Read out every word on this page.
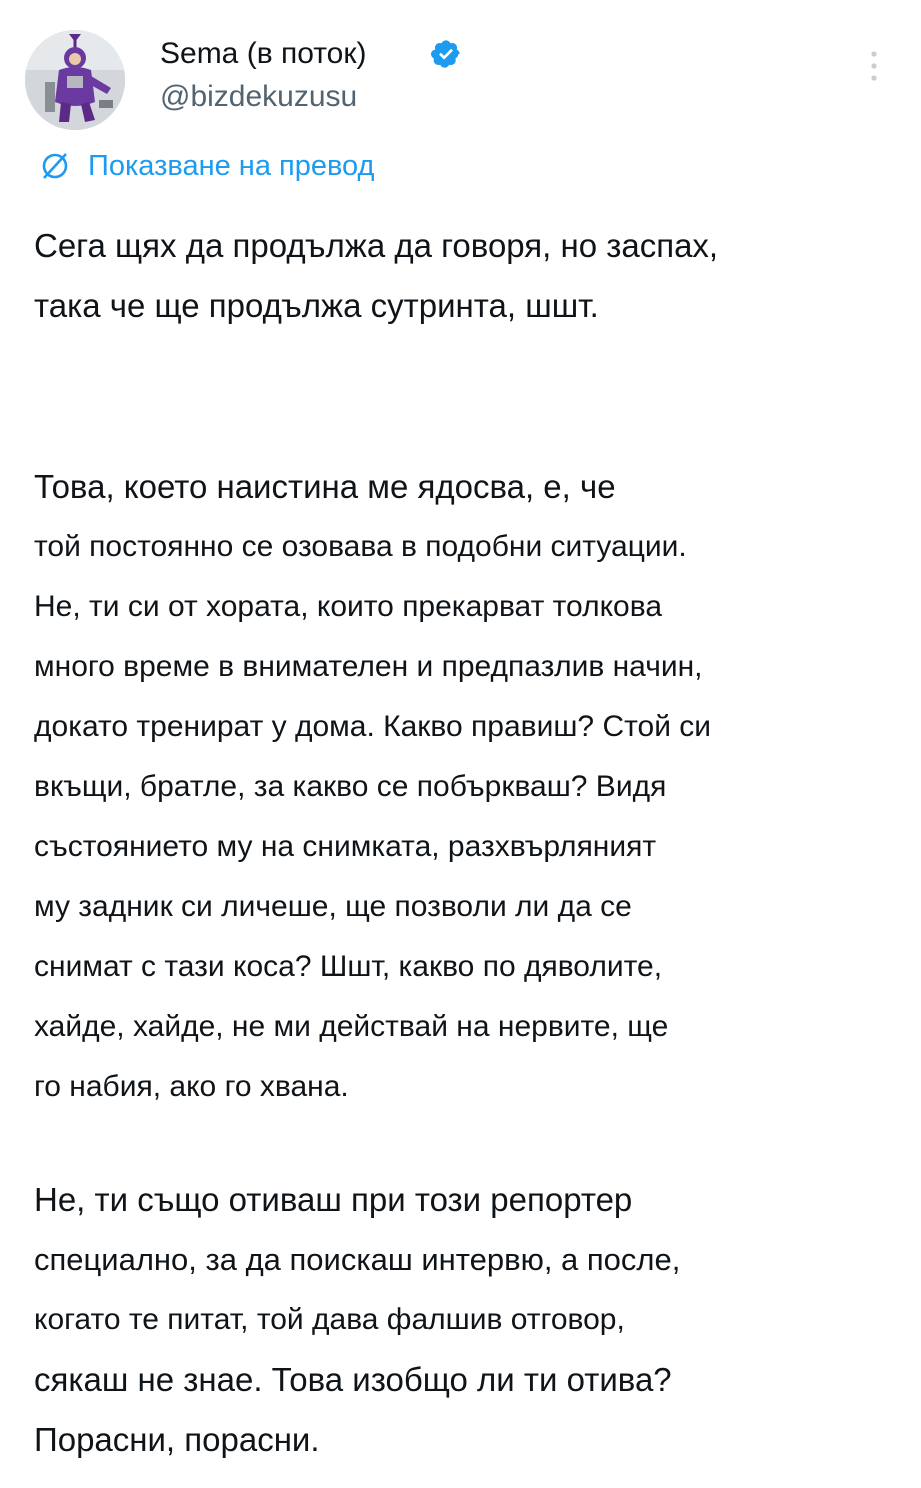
Sema (в поток)
@bizdekuzusu
Показване на превод
Сега щях да продължа да говоря, но заспах,
така че ще продължа сутринта, шшт.
Това, което наистина ме ядосва, е, че
той постоянно се озовава в подобни ситуации.
Не, ти си от хората, които прекарват толкова
много време в внимателен и предпазлив начин,
докато тренират у дома. Какво правиш? Стой си
вкъщи, братле, за какво се побъркваш? Видя
състоянието му на снимката, разхвърляният
му задник си личеше, ще позволи ли да се
снимат с тази коса? Шшт, какво по дяволите,
хайде, хайде, не ми действай на нервите, ще
го набия, ако го хвана.
Не, ти също отиваш при този репортер
специално, за да поискаш интервю, а после,
когато те питат, той дава фалшив отговор,
сякаш не знае. Това изобщо ли ти отива?
Порасни, порасни.
